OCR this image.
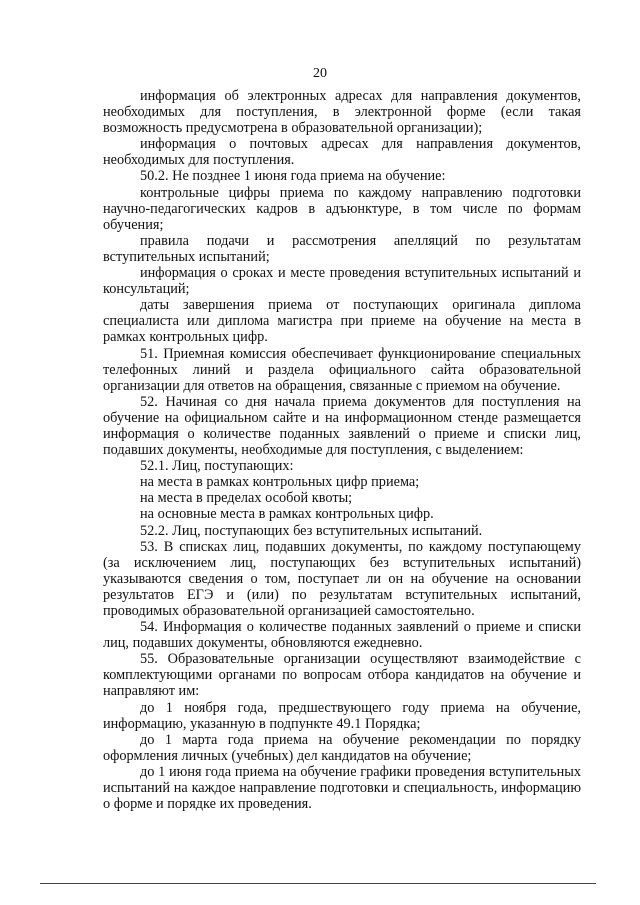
20

информация об электронных адресах для направления документов, необходимых для поступления, в электронной форме (если такая возможность предусмотрена в образовательной организации);

информация о почтовых адресах для направления документов, необходимых для поступления.

50.2. Не позднее 1 июня года приема на обучение:

контрольные цифры приема по каждому направлению подготовки научно-педагогических кадров в адъюнктуре, в том числе по формам обучения;

правила подачи и рассмотрения апелляций по результатам вступительных испытаний;

информация о сроках и месте проведения вступительных испытаний и консультаций;

даты завершения приема от поступающих оригинала диплома специалиста или диплома магистра при приеме на обучение на места в рамках контрольных цифр.

51. Приемная комиссия обеспечивает функционирование специальных телефонных линий и раздела официального сайта образовательной организации для ответов на обращения, связанные с приемом на обучение.

52. Начиная со дня начала приема документов для поступления на обучение на официальном сайте и на информационном стенде размещается информация о количестве поданных заявлений о приеме и списки лиц, подавших документы, необходимые для поступления, с выделением:

52.1. Лиц, поступающих:

на места в рамках контрольных цифр приема;

на места в пределах особой квоты;

на основные места в рамках контрольных цифр.

52.2. Лиц, поступающих без вступительных испытаний.

53. В списках лиц, подавших документы, по каждому поступающему (за исключением лиц, поступающих без вступительных испытаний) указываются сведения о том, поступает ли он на обучение на основании результатов ЕГЭ и (или) по результатам вступительных испытаний, проводимых образовательной организацией самостоятельно.

54. Информация о количестве поданных заявлений о приеме и списки лиц, подавших документы, обновляются ежедневно.

55. Образовательные организации осуществляют взаимодействие с комплектующими органами по вопросам отбора кандидатов на обучение и направляют им:

до 1 ноября года, предшествующего году приема на обучение, информацию, указанную в подпункте 49.1 Порядка;

до 1 марта года приема на обучение рекомендации по порядку оформления личных (учебных) дел кандидатов на обучение;

до 1 июня года приема на обучение графики проведения вступительных испытаний на каждое направление подготовки и специальность, информацию о форме и порядке их проведения.
